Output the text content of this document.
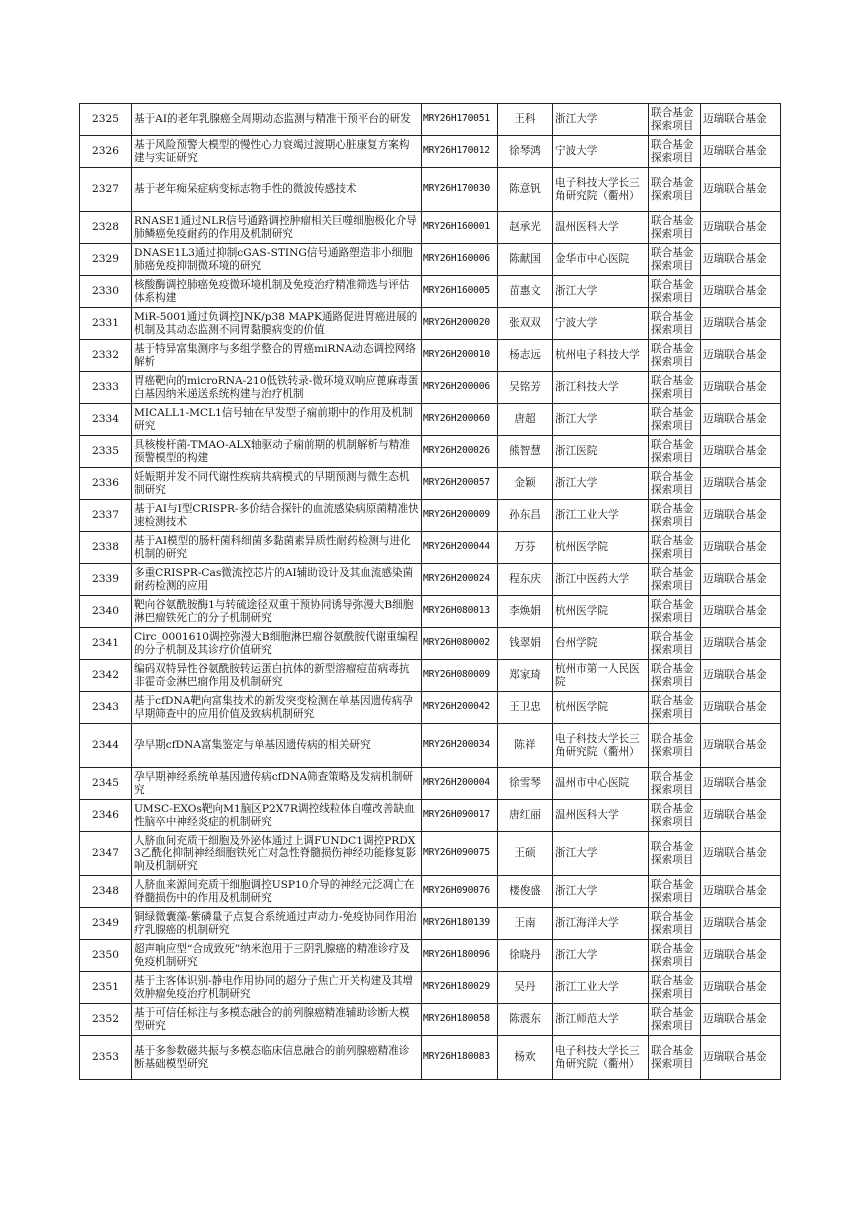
2325	基于AI的老年乳腺癌全周期动态监测与精准干预平台的研发	MRY26H170051	王科	浙江大学	联合基金探索项目	迈瑞联合基金
2326	基于风险预警大模型的慢性心力衰竭过渡期心脏康复方案构建与实证研究	MRY26H170012	徐琴鸿	宁波大学	联合基金探索项目	迈瑞联合基金
2327	基于老年痴呆症病变标志物手性的微波传感技术	MRY26H170030	陈意钒	电子科技大学长三角研究院（衢州）	联合基金探索项目	迈瑞联合基金
2328	RNASE1通过NLR信号通路调控肿瘤相关巨噬细胞极化介导肺鳞癌免疫耐药的作用及机制研究	MRY26H160001	赵承光	温州医科大学	联合基金探索项目	迈瑞联合基金
2329	DNASE1L3通过抑制cGAS-STING信号通路塑造非小细胞肺癌免疫抑制微环境的研究	MRY26H160006	陈献国	金华市中心医院	联合基金探索项目	迈瑞联合基金
2330	核酸酶调控肺癌免疫微环境机制及免疫治疗精准筛选与评估体系构建	MRY26H160005	苗惠文	浙江大学	联合基金探索项目	迈瑞联合基金
2331	MiR-5001通过负调控JNK/p38 MAPK通路促进胃癌进展的机制及其动态监测不同胃黏膜病变的价值	MRY26H200020	张双双	宁波大学	联合基金探索项目	迈瑞联合基金
2332	基于特异富集测序与多组学整合的胃癌miRNA动态调控网络解析	MRY26H200010	杨志远	杭州电子科技大学	联合基金探索项目	迈瑞联合基金
2333	胃癌靶向的microRNA-210低铁转录-微环境双响应蓖麻毒蛋白基因纳米递送系统构建与治疗机制	MRY26H200006	吴铭芳	浙江科技大学	联合基金探索项目	迈瑞联合基金
2334	MICALL1-MCL1信号轴在早发型子痫前期中的作用及机制研究	MRY26H200060	唐超	浙江大学	联合基金探索项目	迈瑞联合基金
2335	具核梭杆菌-TMAO-ALX轴驱动子痫前期的机制解析与精准预警模型的构建	MRY26H200026	熊智慧	浙江医院	联合基金探索项目	迈瑞联合基金
2336	妊娠期并发不同代谢性疾病共病模式的早期预测与微生态机制研究	MRY26H200057	金颖	浙江大学	联合基金探索项目	迈瑞联合基金
2337	基于AI与I型CRISPR-多价结合探针的血流感染病原菌精准快速检测技术	MRY26H200009	孙东昌	浙江工业大学	联合基金探索项目	迈瑞联合基金
2338	基于AI模型的肠杆菌科细菌多黏菌素异质性耐药检测与进化机制的研究	MRY26H200044	万芬	杭州医学院	联合基金探索项目	迈瑞联合基金
2339	多重CRISPR-Cas微流控芯片的AI辅助设计及其血流感染菌耐药检测的应用	MRY26H200024	程东庆	浙江中医药大学	联合基金探索项目	迈瑞联合基金
2340	靶向谷氨酰胺酶1与转硫途径双重干预协同诱导弥漫大B细胞淋巴瘤铁死亡的分子机制研究	MRY26H080013	李焕娟	杭州医学院	联合基金探索项目	迈瑞联合基金
2341	Circ_0001610调控弥漫大B细胞淋巴瘤谷氨酰胺代谢重编程的分子机制及其诊疗价值研究	MRY26H080002	钱翠娟	台州学院	联合基金探索项目	迈瑞联合基金
2342	编码双特异性谷氨酰胺转运蛋白抗体的新型溶瘤痘苗病毒抗非霍奇金淋巴瘤作用及机制研究	MRY26H080009	郑家琦	杭州市第一人民医院	联合基金探索项目	迈瑞联合基金
2343	基于cfDNA靶向富集技术的新发突变检测在单基因遗传病孕早期筛查中的应用价值及致病机制研究	MRY26H200042	王卫忠	杭州医学院	联合基金探索项目	迈瑞联合基金
2344	孕早期cfDNA富集鉴定与单基因遗传病的相关研究	MRY26H200034	陈祥	电子科技大学长三角研究院（衢州）	联合基金探索项目	迈瑞联合基金
2345	孕早期神经系统单基因遗传病cfDNA筛查策略及发病机制研究	MRY26H200004	徐雪琴	温州市中心医院	联合基金探索项目	迈瑞联合基金
2346	UMSC-EXOs靶向M1脑区P2X7R调控线粒体自噬改善缺血性脑卒中神经炎症的机制研究	MRY26H090017	唐红丽	温州医科大学	联合基金探索项目	迈瑞联合基金
2347	人脐血间充质干细胞及外泌体通过上调FUNDC1调控PRDX3乙酰化抑制神经细胞铁死亡对急性脊髓损伤神经功能修复影响及机制研究	MRY26H090075	王硕	浙江大学	联合基金探索项目	迈瑞联合基金
2348	人脐血来源间充质干细胞调控USP10介导的神经元泛凋亡在脊髓损伤中的作用及机制研究	MRY26H090076	楼俊盛	浙江大学	联合基金探索项目	迈瑞联合基金
2349	铜绿微囊藻-紫磷量子点复合系统通过声动力-免疫协同作用治疗乳腺癌的机制研究	MRY26H180139	王南	浙江海洋大学	联合基金探索项目	迈瑞联合基金
2350	超声响应型“合成致死”纳米泡用于三阴乳腺癌的精准诊疗及免疫机制研究	MRY26H180096	徐晓丹	浙江大学	联合基金探索项目	迈瑞联合基金
2351	基于主客体识别-静电作用协同的超分子焦亡开关构建及其增效肿瘤免疫治疗机制研究	MRY26H180029	吴丹	浙江工业大学	联合基金探索项目	迈瑞联合基金
2352	基于可信任标注与多模态融合的前列腺癌精准辅助诊断大模型研究	MRY26H180058	陈震东	浙江师范大学	联合基金探索项目	迈瑞联合基金
2353	基于多参数磁共振与多模态临床信息融合的前列腺癌精准诊断基础模型研究	MRY26H180083	杨欢	电子科技大学长三角研究院（衢州）	联合基金探索项目	迈瑞联合基金
